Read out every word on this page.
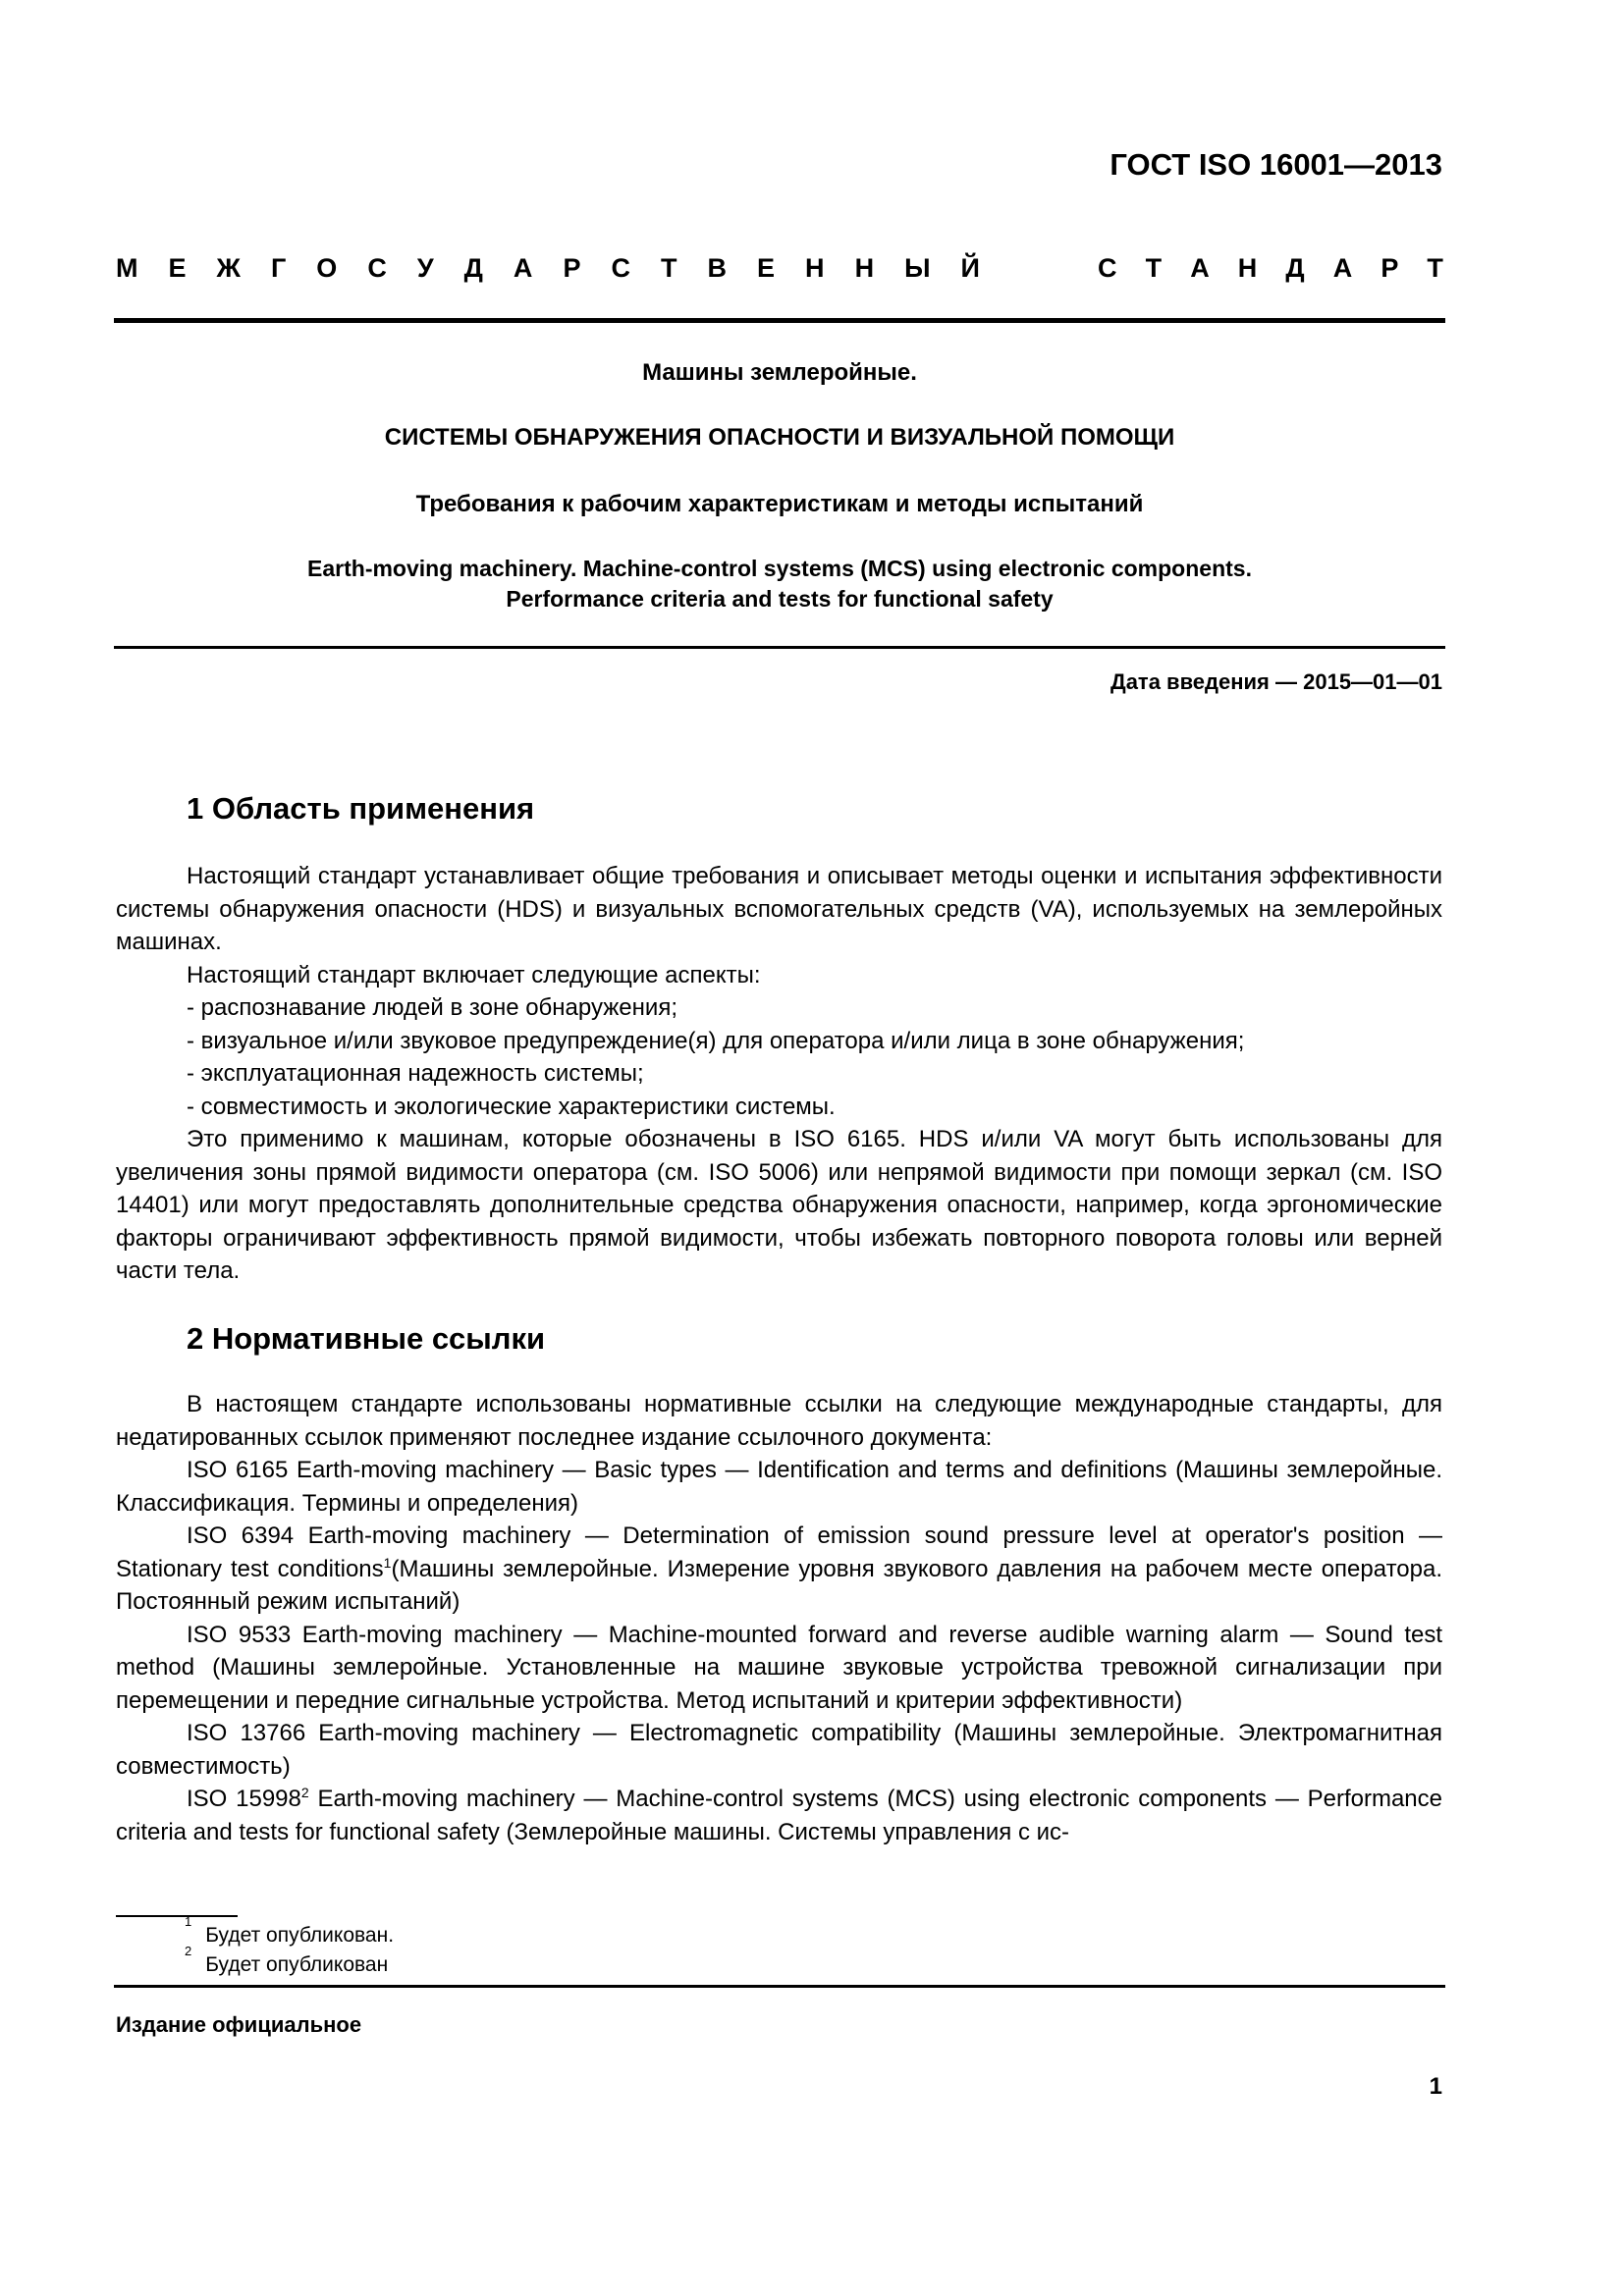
ГОСТ ISO 16001—2013
М Е Ж Г О С У Д А Р С Т В Е Н Н Ы Й	С Т А Н Д А Р Т
Машины землеройные.
СИСТЕМЫ ОБНАРУЖЕНИЯ ОПАСНОСТИ И ВИЗУАЛЬНОЙ ПОМОЩИ
Требования к рабочим характеристикам и методы испытаний
Earth-moving machinery. Machine-control systems (MCS) using electronic components.
Performance criteria and tests for functional safety
Дата введения — 2015—01—01
1 Область применения

Настоящий стандарт устанавливает общие требования и описывает методы оценки и испытания эффективности системы обнаружения опасности (HDS) и визуальных вспомогательных средств (VA), используемых на землеройных машинах.

Настоящий стандарт включает следующие аспекты:

- распознавание людей в зоне обнаружения;

- визуальное и/или звуковое предупреждение(я) для оператора и/или лица в зоне обнаружения;

- эксплуатационная надежность системы;

- совместимость и экологические характеристики системы.

Это применимо к машинам, которые обозначены в ISO 6165. HDS и/или VA могут быть использованы для увеличения зоны прямой видимости оператора (см. ISO 5006) или непрямой видимости при помощи зеркал (см. ISO 14401) или могут предоставлять дополнительные средства обнаружения опасности, например, когда эргономические факторы ограничивают эффективность прямой видимости, чтобы избежать повторного поворота головы или верней части тела.

2 Нормативные ссылки

В настоящем стандарте использованы нормативные ссылки на следующие международные стандарты, для недатированных ссылок применяют последнее издание ссылочного документа:

ISO 6165 Earth-moving machinery — Basic types — Identification and terms and definitions (Машины землеройные. Классификация. Термины и определения)

ISO 6394 Earth-moving machinery — Determination of emission sound pressure level at operator's position — Stationary test conditions$^1$(Машины землеройные. Измерение уровня звукового давления на рабочем месте оператора. Постоянный режим испытаний)

ISO 9533 Earth-moving machinery — Machine-mounted forward and reverse audible warning alarm — Sound test method (Машины землеройные. Установленные на машине звуковые устройства тревожной сигнализации при перемещении и передние сигнальные устройства. Метод испытаний и критерии эффективности)

ISO 13766 Earth-moving machinery — Electromagnetic compatibility (Машины землеройные. Электромагнитная совместимость)

ISO 15998$^2$ Earth-moving machinery — Machine-control systems (MCS) using electronic components — Performance criteria and tests for functional safety (Землеройные машины. Системы управления с ис-

$^1$Будет опубликован.
$^2$Будет опубликован
Издание официальное
1
